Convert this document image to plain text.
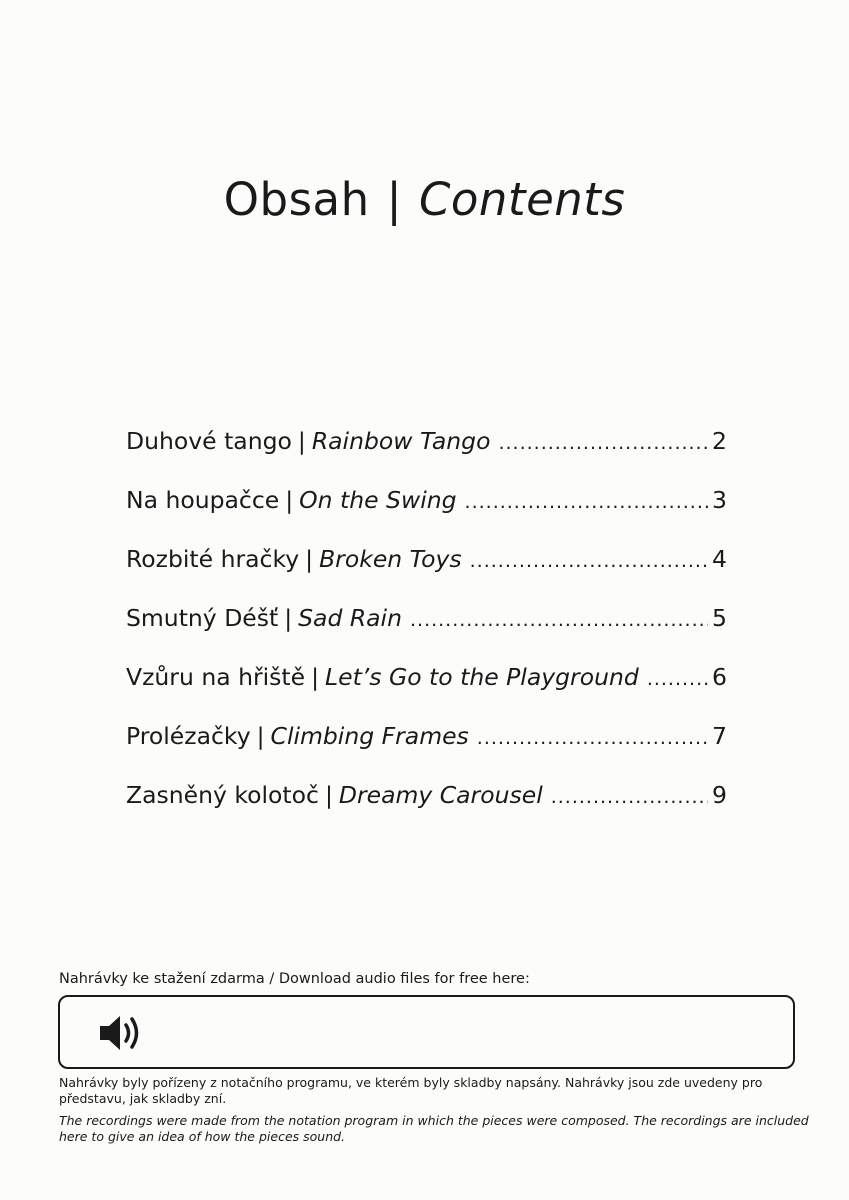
Obsah | Contents
Duhové tango | Rainbow Tango .....	2
Na houpačce | On the Swing .....	3
Rozbité hračky | Broken Toys .....	4
Smutný Déšť | Sad Rain .....	5
Vzůru na hřiště | Let’s Go to the Playground .....	6
Prolézačky | Climbing Frames .....	7
Zasněný kolotoč | Dreamy Carousel .....	9

Nahrávky ke stažení zdarma / Download audio files for free here:

Nahrávky byly pořízeny z notačního programu, ve kterém byly skladby napsány. Nahrávky jsou zde uvedeny pro představu, jak skladby zní.

The recordings were made from the notation program in which the pieces were composed. The recordings are included here to give an idea of how the pieces sound.
